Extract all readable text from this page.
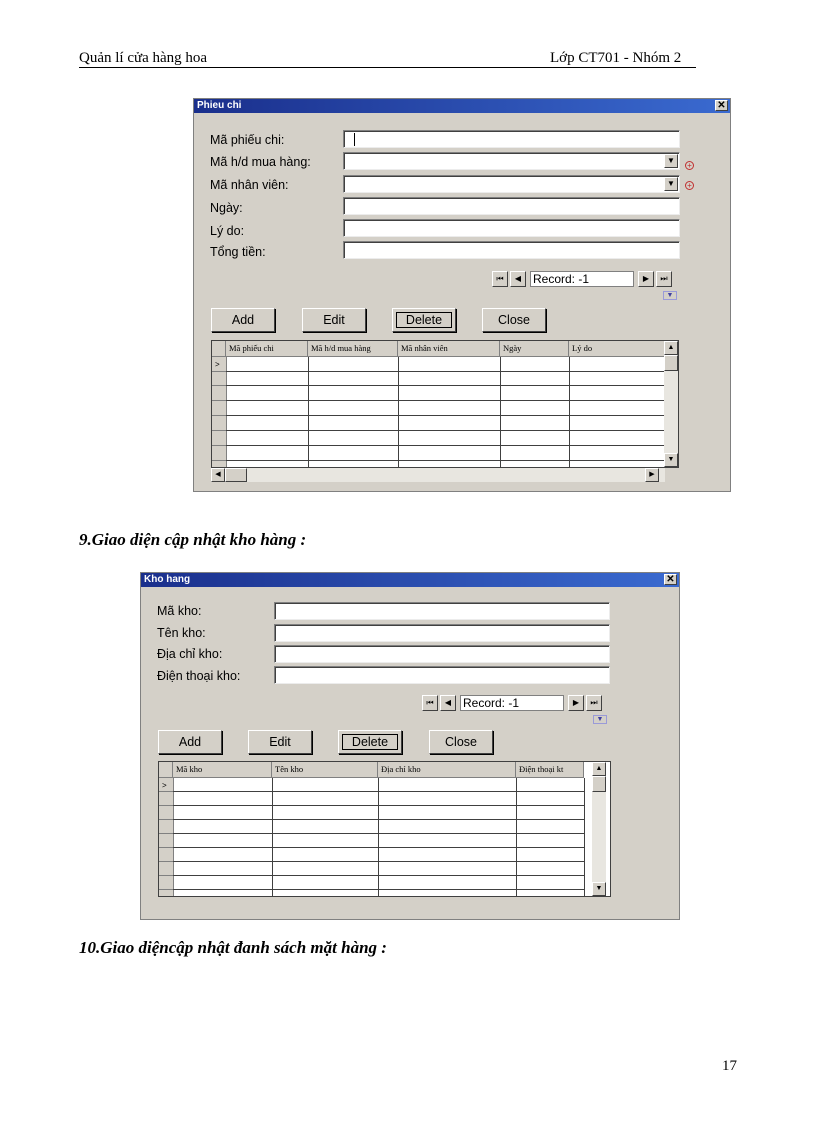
Quản lí cửa hàng hoa	Lớp CT701 - Nhóm 2
Phieu chi	✕
Mã phiếu chi:
Mã h/d mua hàng:	▼
+
Mã nhân viên:	▼	+
Ngày:
Lý do:
Tổng tiền:
⏮	◀ Record: -1	▶	⏭
▼
Add	Edit	Delete	Close
Mã phiếu chi	Mã h/d mua hàng	Mã nhân viên	Ngày	Lý do
>
▲
▼
◀	▶
9.Giao diện cập nhật kho hàng :
Kho hang	✕
Mã kho:
Tên kho:
Địa chỉ kho:
Điện thoại kho:
⏮	◀ Record: -1	▶	⏭
▼
Add	Edit	Delete	Close
Mã kho	Tên kho	Địa chỉ kho	Điện thoại kt
>
▲
▼
10.Giao diệncập nhật đanh sách mặt hàng :
17
